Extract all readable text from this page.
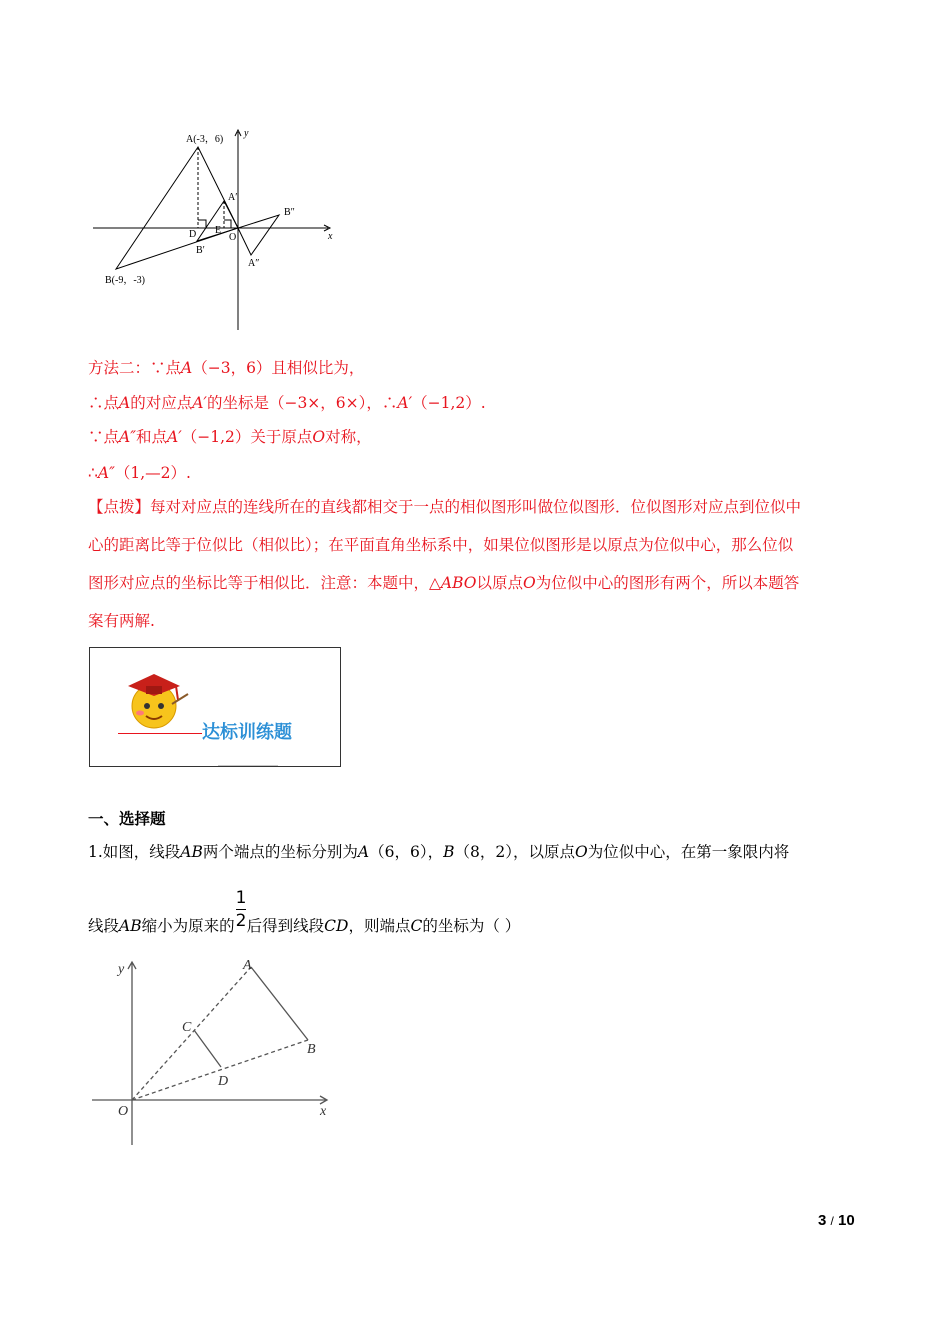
A(-3，6)
y
x
A′
B″
D E
O
B′
A″
B(-9，-3)
方法二：∵点A（−3，6）且相似比为，
∴点A的对应点A′的坐标是（−3×，6×），∴A′（−1,2）.
∵点A″和点A′（−1,2）关于原点O对称，
∴A″（1,—2）.
【点拨】每对对应点的连线所在的直线都相交于一点的相似图形叫做位似图形．位似图形对应点到位似中
心的距离比等于位似比（相似比）；在平面直角坐标系中，如果位似图形是以原点为位似中心，那么位似
图形对应点的坐标比等于相似比．注意：本题中，△ABO以原点O为位似中心的图形有两个，所以本题答
案有两解.
达标训练题
一、选择题
1.如图，线段AB两个端点的坐标分别为A（6，6），B（8，2），以原点O为位似中心，在第一象限内将
线段AB缩小为原来的 $\frac{1}{2}$ 后得到线段CD，则端点C的坐标为（ ）
y	A
C
B
D
O	x
3 / 10
